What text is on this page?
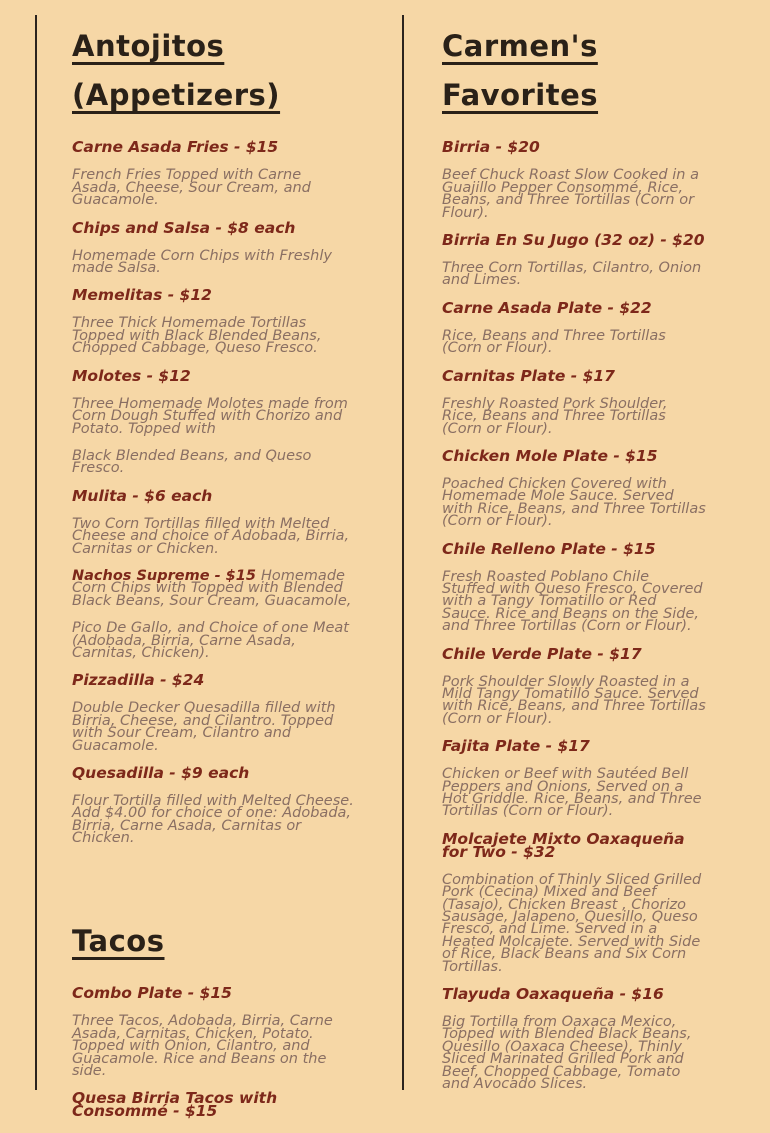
Antojitos (Appetizers)
Carne Asada Fries - $15

French Fries Topped with Carne Asada, Cheese, Sour Cream, and Guacamole.

Chips and Salsa - $8 each

Homemade Corn Chips with Freshly made Salsa.

Memelitas - $12

Three Thick Homemade Tortillas Topped with Black Blended Beans, Chopped Cabbage, Queso Fresco.

Molotes - $12

Three Homemade Molotes made from Corn Dough Stuffed with Chorizo and Potato. Topped with

Black Blended Beans, and Queso Fresco.

Mulita - $6 each

Two Corn Tortillas filled with Melted Cheese and choice of Adobada, Birria, Carnitas or Chicken.

Nachos Supreme - $15 Homemade Corn Chips with Topped with Blended Black Beans, Sour Cream, Guacamole,

Pico De Gallo, and Choice of one Meat (Adobada, Birria, Carne Asada, Carnitas, Chicken).

Pizzadilla - $24

Double Decker Quesadilla filled with Birria, Cheese, and Cilantro. Topped with Sour Cream, Cilantro and Guacamole.

Quesadilla - $9 each

Flour Tortilla filled with Melted Cheese. Add $4.00 for choice of one: Adobada, Birria, Carne Asada, Carnitas or Chicken.

Tacos
Combo Plate - $15

Three Tacos, Adobada, Birria, Carne Asada, Carnitas, Chicken, Potato. Topped with Onion, Cilantro, and Guacamole. Rice and Beans on the side.

Quesa Birria Tacos with Consommé - $15
Carmen's Favorites
Birria - $20

Beef Chuck Roast Slow Cooked in a Guajillo Pepper Consommé, Rice, Beans, and Three Tortillas (Corn or Flour).

Birria En Su Jugo (32 oz) - $20

Three Corn Tortillas, Cilantro, Onion and Limes.

Carne Asada Plate - $22

Rice, Beans and Three Tortillas (Corn or Flour).

Carnitas Plate - $17

Freshly Roasted Pork Shoulder, Rice, Beans and Three Tortillas (Corn or Flour).

Chicken Mole Plate - $15

Poached Chicken Covered with Homemade Mole Sauce. Served with Rice, Beans, and Three Tortillas (Corn or Flour).

Chile Relleno Plate - $15

Fresh Roasted Poblano Chile Stuffed with Queso Fresco, Covered with a Tangy Tomatillo or Red Sauce. Rice and Beans on the Side, and Three Tortillas (Corn or Flour).

Chile Verde Plate - $17

Pork Shoulder Slowly Roasted in a Mild Tangy Tomatillo Sauce. Served with Rice, Beans, and Three Tortillas (Corn or Flour).

Fajita Plate - $17

Chicken or Beef with Sautéed Bell Peppers and Onions, Served on a Hot Griddle. Rice, Beans, and Three Tortillas (Corn or Flour).

Molcajete Mixto Oaxaqueña for Two - $32

Combination of Thinly Sliced Grilled Pork (Cecina) Mixed and Beef (Tasajo), Chicken Breast , Chorizo Sausage, Jalapeno, Quesillo, Queso Fresco, and Lime. Served in a Heated Molcajete. Served with Side of Rice, Black Beans and Six Corn Tortillas.

Tlayuda Oaxaqueña - $16

Big Tortilla from Oaxaca Mexico, Topped with Blended Black Beans, Quesillo (Oaxaca Cheese), Thinly Sliced Marinated Grilled Pork and Beef, Chopped Cabbage, Tomato and Avocado Slices.
